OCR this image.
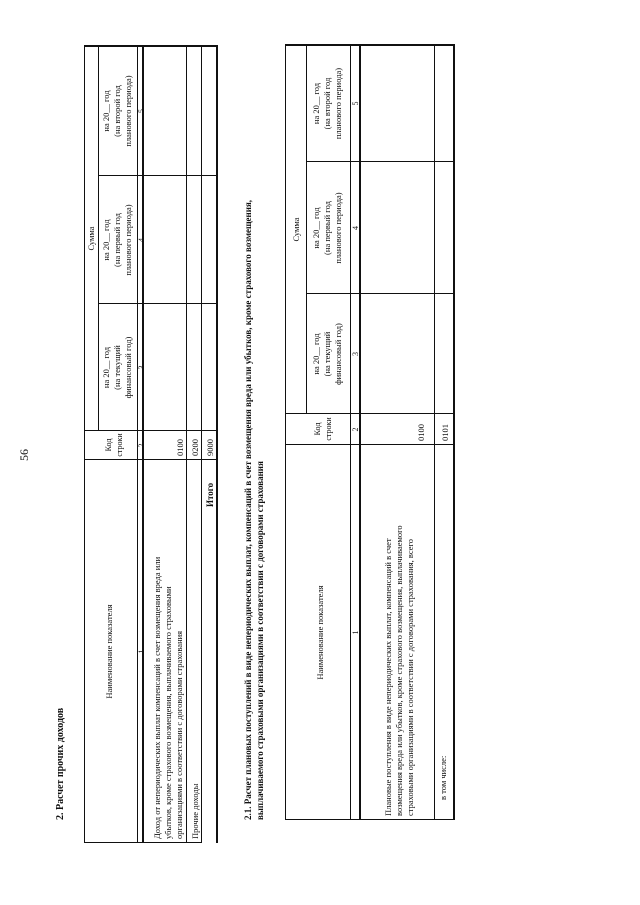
56
2. Расчет прочих доходов
Наименование показателя
Код строки
Сумма
на 20__ год (на текущий финансовый год)
на 20__ год (на первый год планового периода)
на 20__ год (на второй год планового периода)
1
2
3
4
5
Доход от непериодических выплат компенсаций в счет возмещения вреда или убытков, кроме страхового возмещения, выплачиваемого страховыми организациями в соответствии с договорами страхования
0100
Прочие доходы
0200
Итого
9000	2.1. Расчет плановых поступлений в виде непериодических выплат, компенсаций в счет возмещения вреда или убытков, кроме страхового возмещения, выплачиваемого страховыми организациями в соответствии с договорами страхования	Наименование показателя
Код строки
Сумма
на 20__ год (на текущий финансовый год)
на 20__ год (на первый год планового периода)
на 20__ год (на второй год планового периода)
1
2
3
4
5
Плановые поступления в виде непериодических выплат, компенсаций в счет возмещения вреда или убытков, кроме страхового возмещения, выплачиваемого страховыми организациями в соответствии с договорами страхования, всего
0100
в том числе:
0101
